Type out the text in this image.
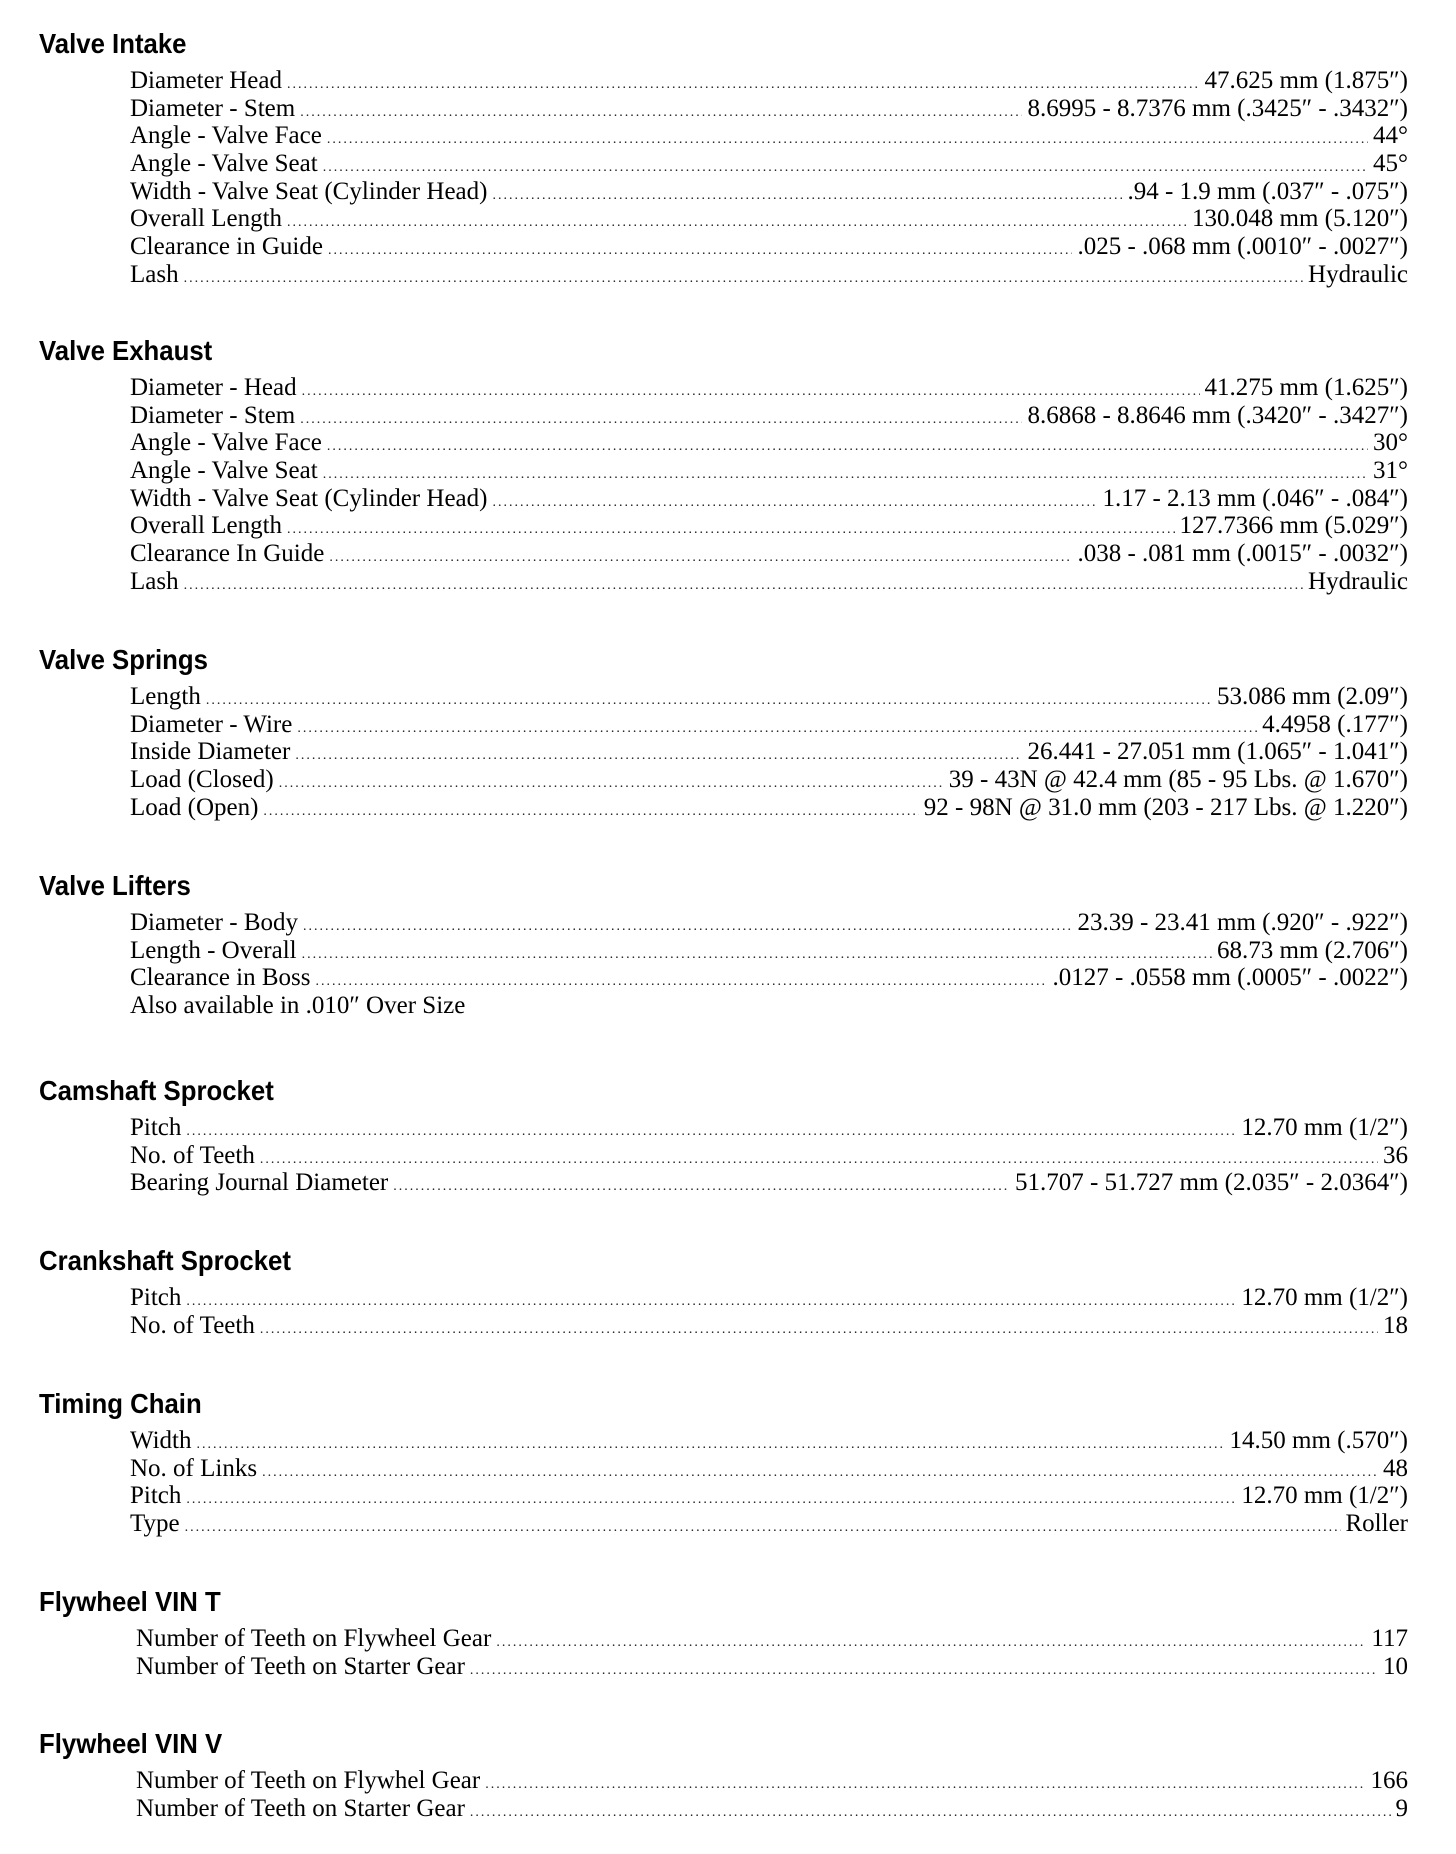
Valve Intake
Diameter Head .....	47.625 mm (1.875″)
Diameter - Stem .....	8.6995 - 8.7376 mm (.3425″ - .3432″)
Angle - Valve Face .....	44°
Angle - Valve Seat .....	45°
Width - Valve Seat (Cylinder Head) .....	.94 - 1.9 mm (.037″ - .075″)
Overall Length .....	130.048 mm (5.120″)
Clearance in Guide .....	.025 - .068 mm (.0010″ - .0027″)
Lash .....	Hydraulic
Valve Exhaust
Diameter - Head .....	41.275 mm (1.625″)
Diameter - Stem .....	8.6868 - 8.8646 mm (.3420″ - .3427″)
Angle - Valve Face .....	30°
Angle - Valve Seat .....	31°
Width - Valve Seat (Cylinder Head) .....	1.17 - 2.13 mm (.046″ - .084″)
Overall Length .....	127.7366 mm (5.029″)
Clearance In Guide .....	.038 - .081 mm (.0015″ - .0032″)
Lash .....	Hydraulic
Valve Springs
Length .....	53.086 mm (2.09″)
Diameter - Wire .....	4.4958 (.177″)
Inside Diameter .....	26.441 - 27.051 mm (1.065″ - 1.041″)
Load (Closed) .....	39 - 43N @ 42.4 mm (85 - 95 Lbs. @ 1.670″)
Load (Open) .....	92 - 98N @ 31.0 mm (203 - 217 Lbs. @ 1.220″)
Valve Lifters
Diameter - Body .....	23.39 - 23.41 mm (.920″ - .922″)
Length - Overall .....	68.73 mm (2.706″)
Clearance in Boss .....	.0127 - .0558 mm (.0005″ - .0022″)
Also available in .010″ Over Size
Camshaft Sprocket
Pitch .....	12.70 mm (1/2″)
No. of Teeth .....	36
Bearing Journal Diameter .....	51.707 - 51.727 mm (2.035″ - 2.0364″)
Crankshaft Sprocket
Pitch .....	12.70 mm (1/2″)
No. of Teeth .....	18
Timing Chain
Width .....	14.50 mm (.570″)
No. of Links .....	48
Pitch .....	12.70 mm (1/2″)
Type .....	Roller
Flywheel VIN T
Number of Teeth on Flywheel Gear .....	117
Number of Teeth on Starter Gear .....	10
Flywheel VIN V
Number of Teeth on Flywhel Gear .....	166
Number of Teeth on Starter Gear .....	9
